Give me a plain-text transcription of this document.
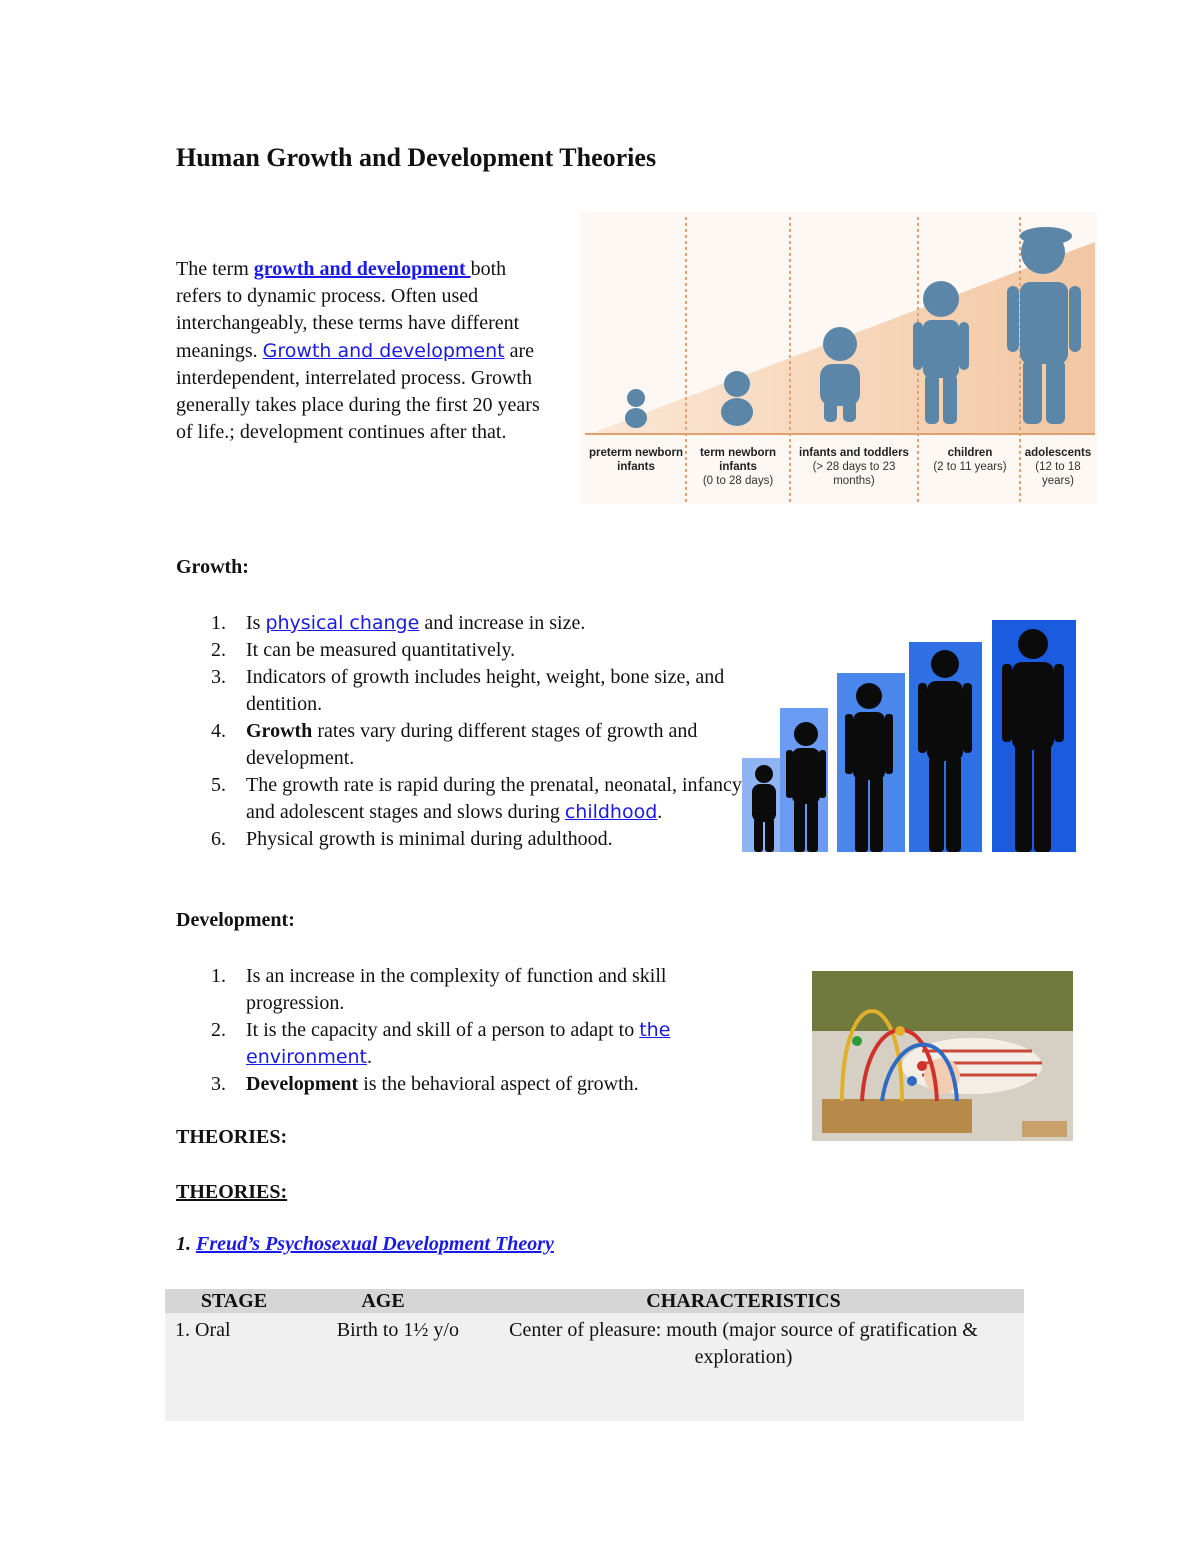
Human Growth and Development Theories
The term growth and development both refers to dynamic process. Often used interchangeably, these terms have different meanings. Growth and development are interdependent, interrelated process. Growth generally takes place during the first 20 years of life.; development continues after that.
preterm newborn infants
term newborn infants
(0 to 28 days)
infants and toddlers
(> 28 days to 23 months)
children
(2 to 11 years)
adolescents
(12 to 18 years)
Growth:
1. Is physical change and increase in size.
2. It can be measured quantitatively.
3. Indicators of growth includes height, weight, bone size, and dentition.
4. Growth rates vary during different stages of growth and development.
5. The growth rate is rapid during the prenatal, neonatal, infancy and adolescent stages and slows during childhood.
6. Physical growth is minimal during adulthood.
Development:
1. Is an increase in the complexity of function and skill progression.
2. It is the capacity and skill of a person to adapt to the environment.
3. Development is the behavioral aspect of growth.
THEORIES:
THEORIES:
1. Freud’s Psychosexual Development Theory
STAGE	AGE	CHARACTERISTICS
1. Oral	Birth to 1½ y/o	Center of pleasure: mouth (major source of gratification & exploration)
